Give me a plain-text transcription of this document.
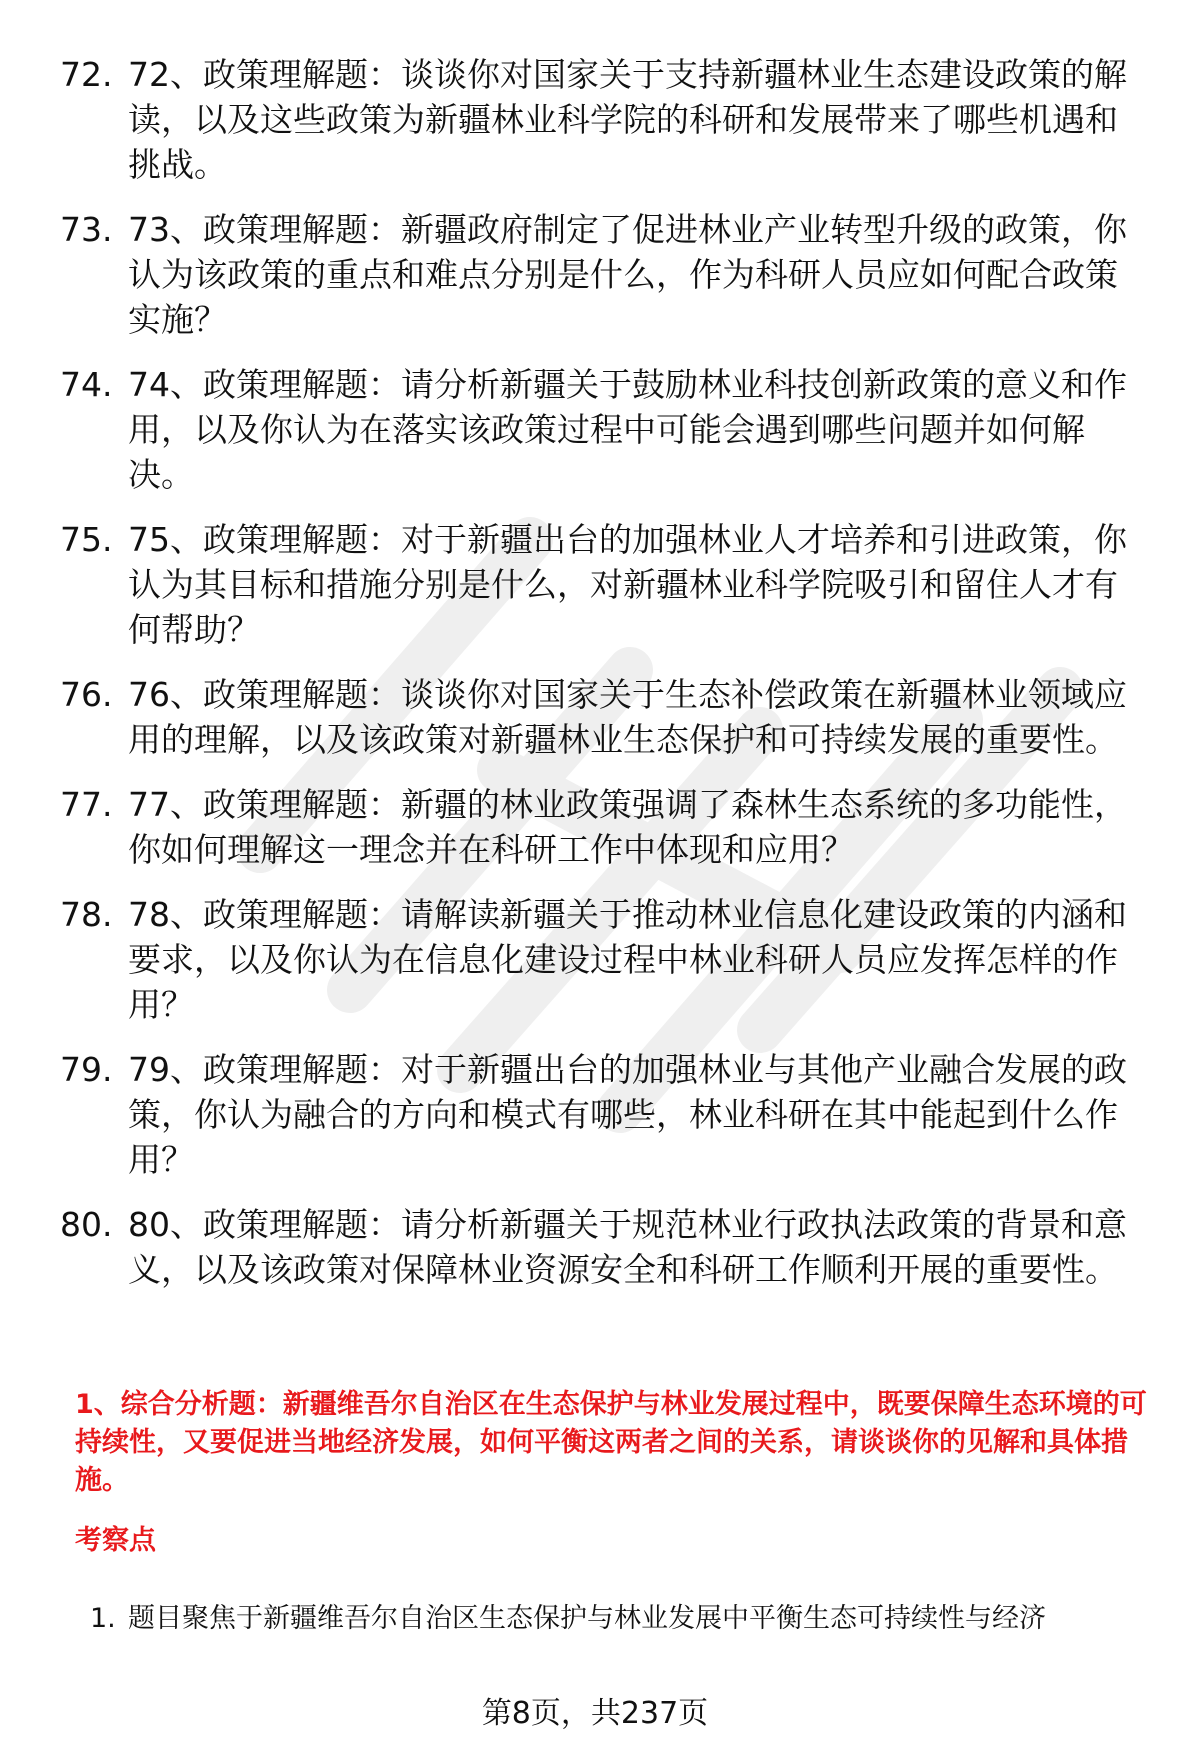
72. 72、政策理解题：谈谈你对国家关于支持新疆林业生态建设政策的解读，以及这些政策为新疆林业科学院的科研和发展带来了哪些机遇和挑战。
73. 73、政策理解题：新疆政府制定了促进林业产业转型升级的政策，你认为该政策的重点和难点分别是什么，作为科研人员应如何配合政策实施？
74. 74、政策理解题：请分析新疆关于鼓励林业科技创新政策的意义和作用，以及你认为在落实该政策过程中可能会遇到哪些问题并如何解决。
75. 75、政策理解题：对于新疆出台的加强林业人才培养和引进政策，你认为其目标和措施分别是什么，对新疆林业科学院吸引和留住人才有何帮助？
76. 76、政策理解题：谈谈你对国家关于生态补偿政策在新疆林业领域应用的理解，以及该政策对新疆林业生态保护和可持续发展的重要性。
77. 77、政策理解题：新疆的林业政策强调了森林生态系统的多功能性，你如何理解这一理念并在科研工作中体现和应用？
78. 78、政策理解题：请解读新疆关于推动林业信息化建设政策的内涵和要求，以及你认为在信息化建设过程中林业科研人员应发挥怎样的作用？
79. 79、政策理解题：对于新疆出台的加强林业与其他产业融合发展的政策，你认为融合的方向和模式有哪些，林业科研在其中能起到什么作用？
80. 80、政策理解题：请分析新疆关于规范林业行政执法政策的背景和意义，以及该政策对保障林业资源安全和科研工作顺利开展的重要性。

1、综合分析题：新疆维吾尔自治区在生态保护与林业发展过程中，既要保障生态环境的可持续性，又要促进当地经济发展，如何平衡这两者之间的关系，请谈谈你的见解和具体措施。

考察点

1. 题目聚焦于新疆维吾尔自治区生态保护与林业发展中平衡生态可持续性与经济
第8页，共237页
